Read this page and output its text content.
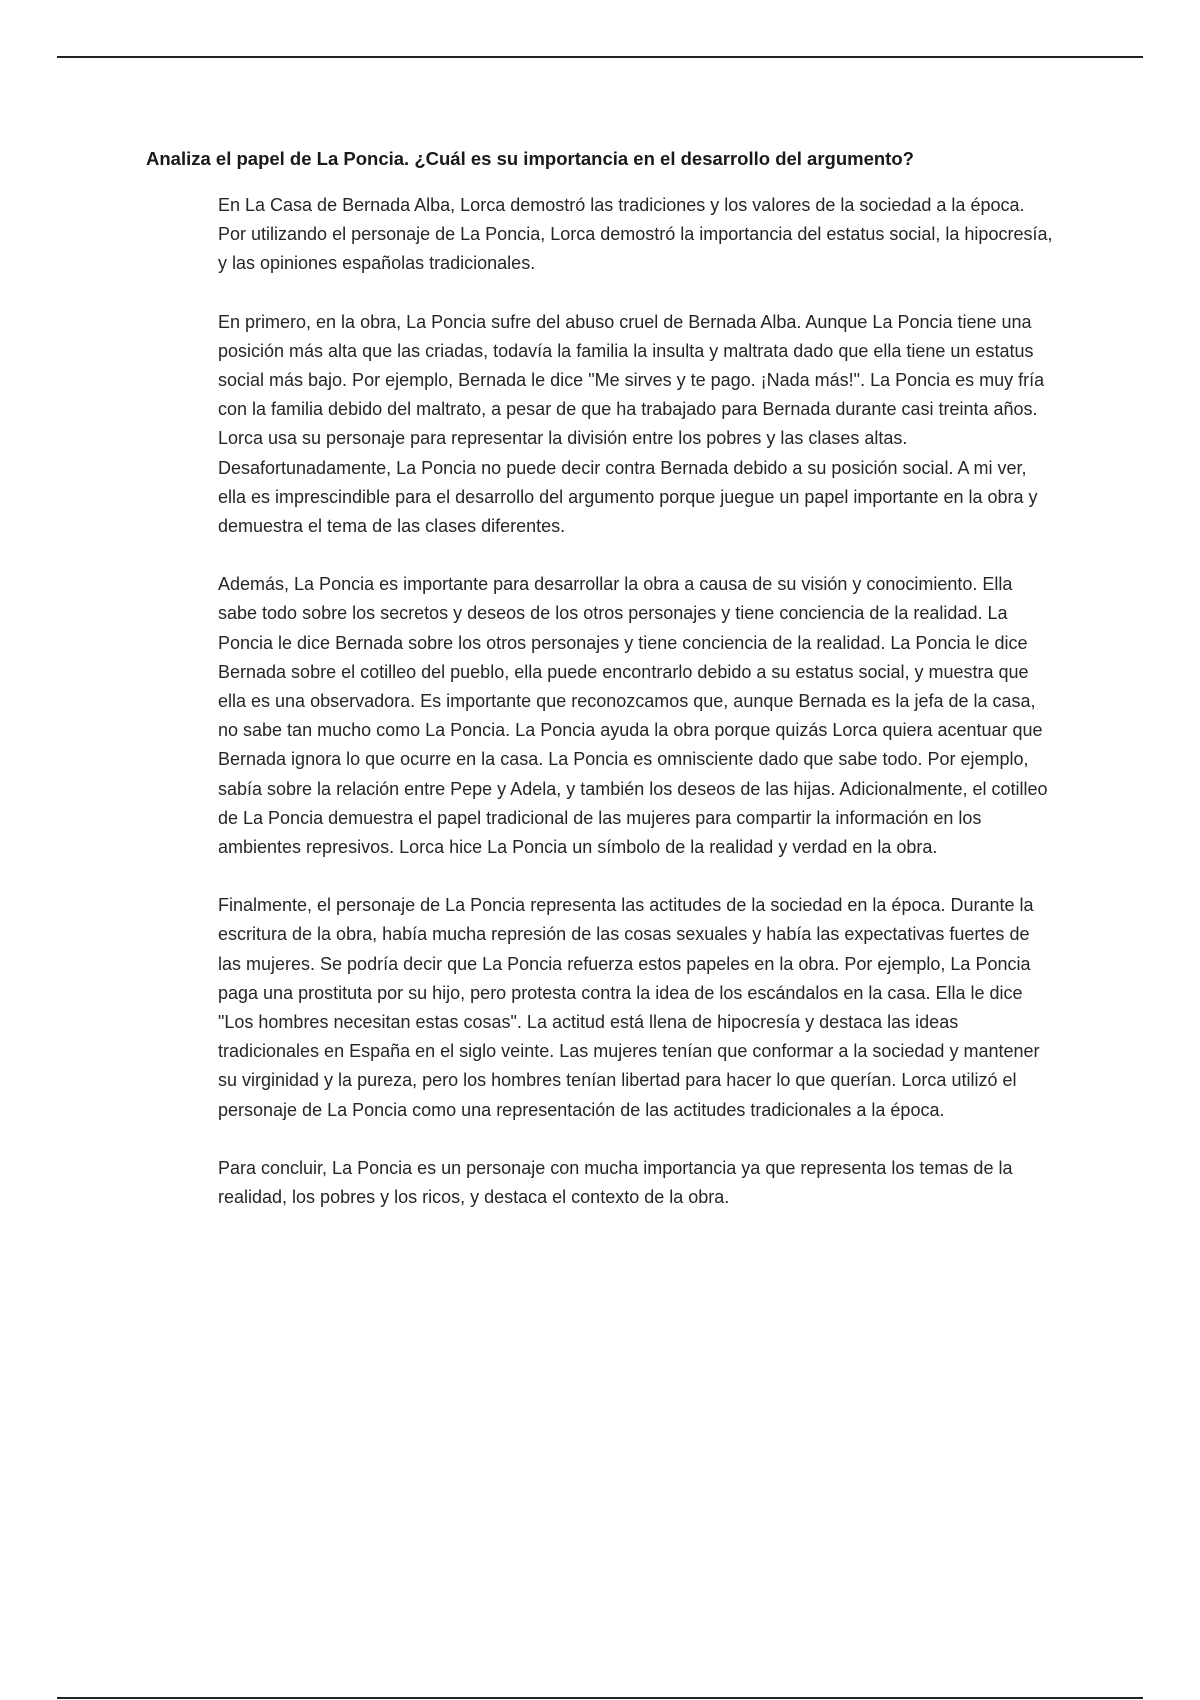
Analiza el papel de La Poncia. ¿Cuál es su importancia en el desarrollo del argumento?

En La Casa de Bernada Alba, Lorca demostró las tradiciones y los valores de la sociedad a la época. Por utilizando el personaje de La Poncia, Lorca demostró la importancia del estatus social, la hipocresía, y las opiniones españolas tradicionales.

En primero, en la obra, La Poncia sufre del abuso cruel de Bernada Alba. Aunque La Poncia tiene una posición más alta que las criadas, todavía la familia la insulta y maltrata dado que ella tiene un estatus social más bajo. Por ejemplo, Bernada le dice "Me sirves y te pago. ¡Nada más!". La Poncia es muy fría con la familia debido del maltrato, a pesar de que ha trabajado para Bernada durante casi treinta años. Lorca usa su personaje para representar la división entre los pobres y las clases altas. Desafortunadamente, La Poncia no puede decir contra Bernada debido a su posición social. A mi ver, ella es imprescindible para el desarrollo del argumento porque juegue un papel importante en la obra y demuestra el tema de las clases diferentes.

Además, La Poncia es importante para desarrollar la obra a causa de su visión y conocimiento. Ella sabe todo sobre los secretos y deseos de los otros personajes y tiene conciencia de la realidad. La Poncia le dice Bernada sobre los otros personajes y tiene conciencia de la realidad. La Poncia le dice Bernada sobre el cotilleo del pueblo, ella puede encontrarlo debido a su estatus social, y muestra que ella es una observadora. Es importante que reconozcamos que, aunque Bernada es la jefa de la casa, no sabe tan mucho como La Poncia. La Poncia ayuda la obra porque quizás Lorca quiera acentuar que Bernada ignora lo que ocurre en la casa. La Poncia es omnisciente dado que sabe todo. Por ejemplo, sabía sobre la relación entre Pepe y Adela, y también los deseos de las hijas. Adicionalmente, el cotilleo de La Poncia demuestra el papel tradicional de las mujeres para compartir la información en los ambientes represivos. Lorca hice La Poncia un símbolo de la realidad y verdad en la obra.

Finalmente, el personaje de La Poncia representa las actitudes de la sociedad en la época. Durante la escritura de la obra, había mucha represión de las cosas sexuales y había las expectativas fuertes de las mujeres. Se podría decir que La Poncia refuerza estos papeles en la obra. Por ejemplo, La Poncia paga una prostituta por su hijo, pero protesta contra la idea de los escándalos en la casa. Ella le dice "Los hombres necesitan estas cosas". La actitud está llena de hipocresía y destaca las ideas tradicionales en España en el siglo veinte. Las mujeres tenían que conformar a la sociedad y mantener su virginidad y la pureza, pero los hombres tenían libertad para hacer lo que querían. Lorca utilizó el personaje de La Poncia como una representación de las actitudes tradicionales a la época.

Para concluir, La Poncia es un personaje con mucha importancia ya que representa los temas de la realidad, los pobres y los ricos, y destaca el contexto de la obra.
